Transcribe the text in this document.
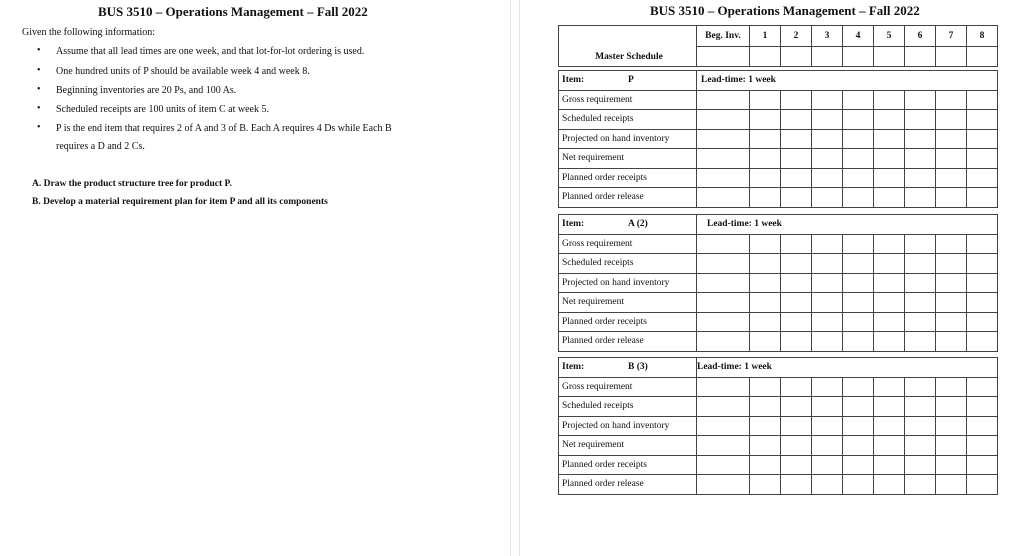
BUS 3510 – Operations Management – Fall 2022
Given the following information:
• Assume that all lead times are one week, and that lot-for-lot ordering is used.
• One hundred units of P should be available week 4 and week 8.
• Beginning inventories are 20 Ps, and 100 As.
• Scheduled receipts are 100 units of item C at week 5.
• P is the end item that requires 2 of A and 3 of B. Each A requires 4 Ds while Each B
requires a D and 2 Cs.
A. Draw the product structure tree for product P.
B. Develop a material requirement plan for item P and all its components
BUS 3510 – Operations Management – Fall 2022
Master Schedule	Beg. Inv.	1	2	3	4	5	6	7	8

Item: P	Lead-time: 1 week								
Gross requirement									
Scheduled receipts									
Projected on hand inventory									
Net requirement									
Planned order receipts									
Planned order release									
Item: A (2)	Lead-time: 1 week								
Gross requirement									
Scheduled receipts									
Projected on hand inventory									
Net requirement									
Planned order receipts									
Planned order release									
Item: B (3)	Lead-time: 1 week								
Gross requirement									
Scheduled receipts									
Projected on hand inventory									
Net requirement									
Planned order receipts									
Planned order release									
